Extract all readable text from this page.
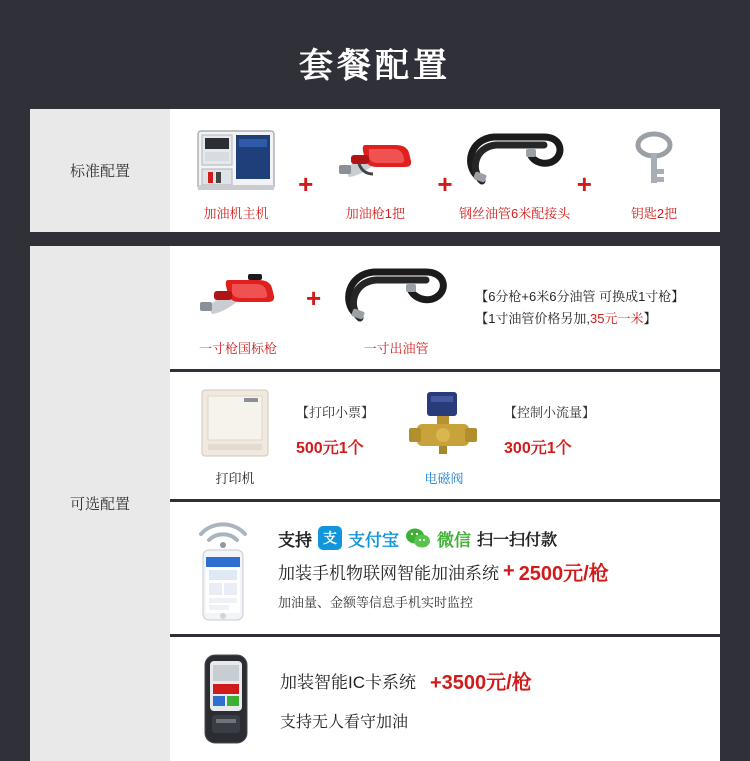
套餐配置
标准配置
加油机主机
+
加油枪1把
+
钢丝油管6米配接头
+
钥匙2把
可选配置
一寸枪国标枪
+
一寸出油管
【6分枪+6米6分油管 可换成1寸枪】
【1寸油管价格另加,35元一米】
打印机
【打印小票】
500元1个
电磁阀
【控制小流量】
300元1个
支持 支 支付宝 微信 扫一扫付款
加装手机物联网智能加油系统 + 2500元/枪
加油量、金额等信息手机实时监控
加装智能IC卡系统 +3500元/枪
支持无人看守加油
